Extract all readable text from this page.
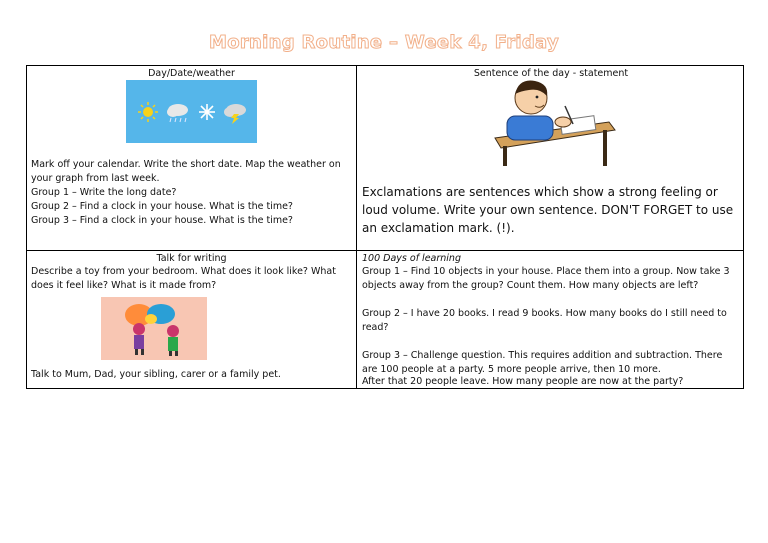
Morning Routine – Week 4, Friday

Day/Date/weather

Mark off your calendar. Write the short date. Map the weather on your graph from last week.

Group 1 – Write the long date?

Group 2 – Find a clock in your house. What is the time?

Group 3 – Find a clock in your house. What is the time?

Sentence of the day - statement

Exclamations are sentences which show a strong feeling or loud volume. Write your own sentence. DON'T FORGET to use an exclamation mark. (!).

Talk for writing

Describe a toy from your bedroom. What does it look like? What does it feel like? What is it made from?

Talk to Mum, Dad, your sibling, carer or a family pet.

100 Days of learning

Group 1 – Find 10 objects in your house. Place them into a group. Now take 3 objects away from the group? Count them. How many objects are left?

Group 2 – I have 20 books. I read 9 books. How many books do I still need to read?

Group 3 – Challenge question. This requires addition and subtraction. There are 100 people at a party. 5 more people arrive, then 10 more.

After that 20 people leave. How many people are now at the party?
